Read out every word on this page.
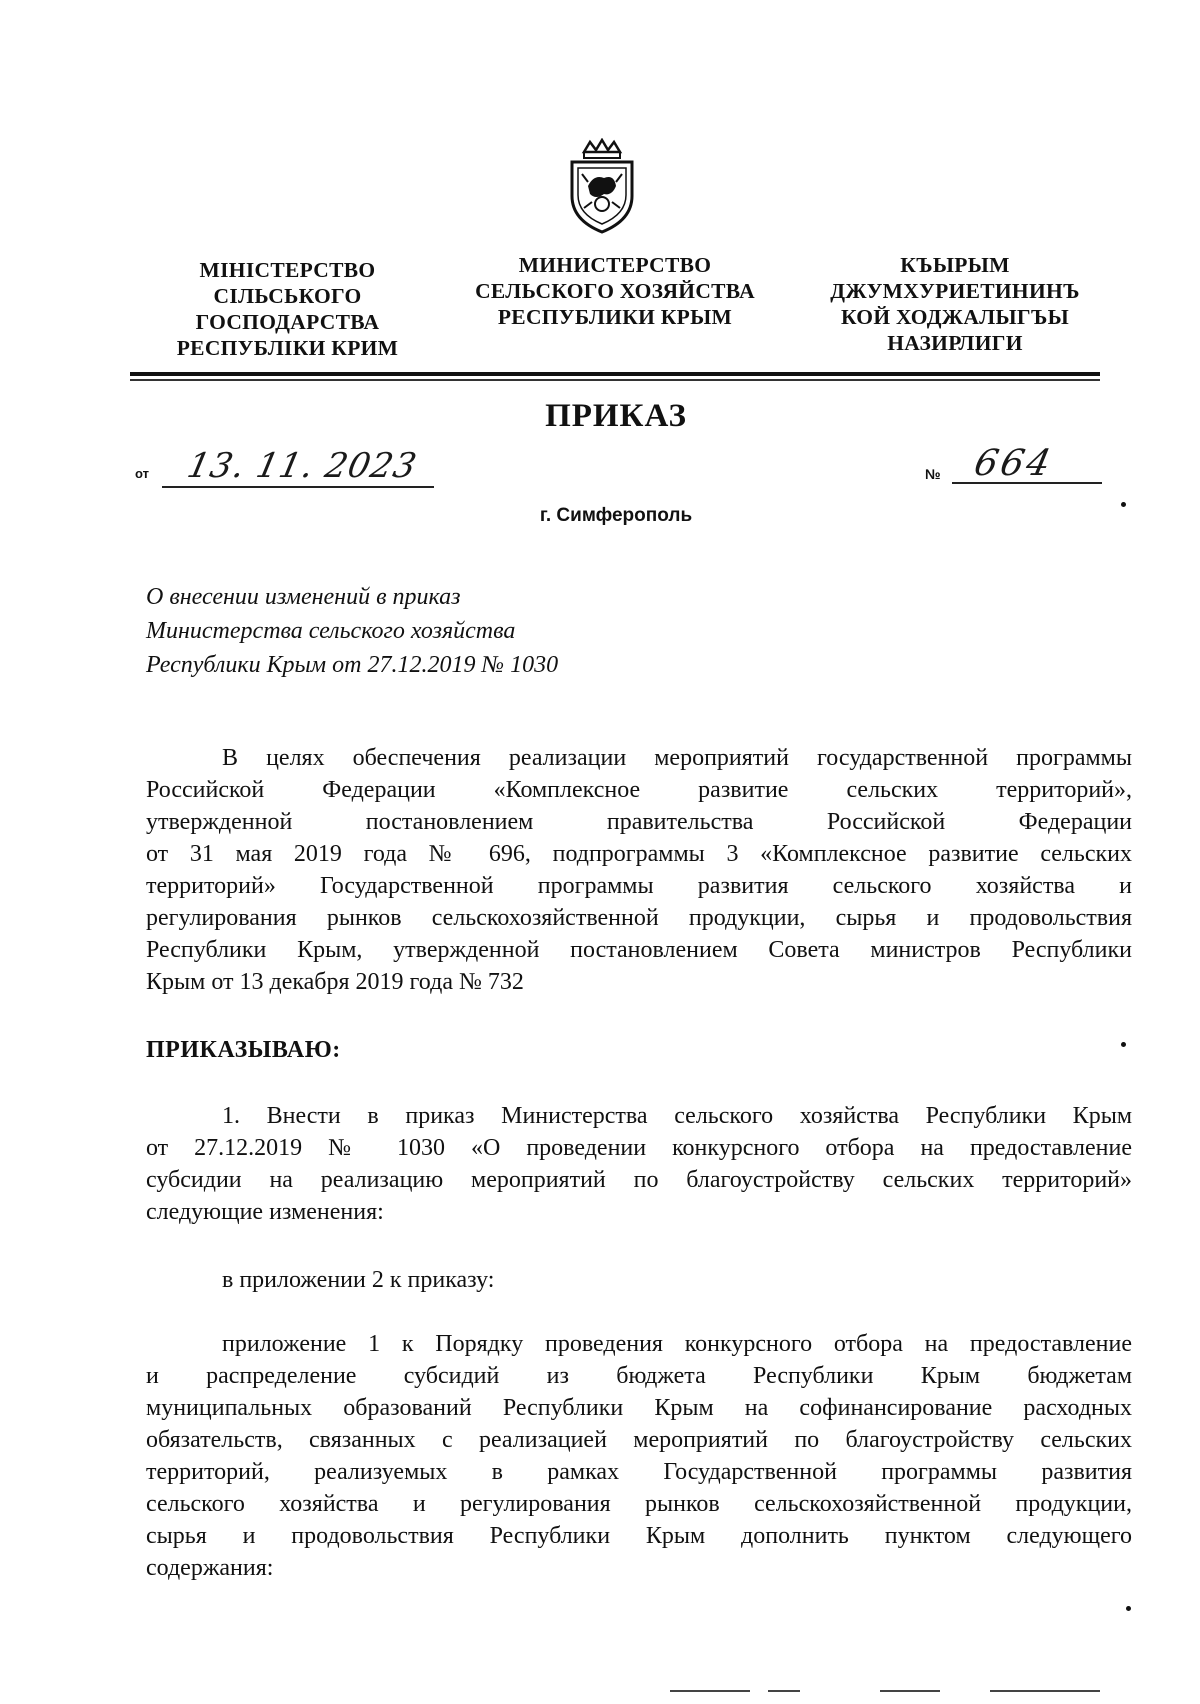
МІНІСТЕРСТВО
СІЛЬСЬКОГО
ГОСПОДАРСТВА
РЕСПУБЛІКИ КРИМ
МИНИСТЕРСТВО
СЕЛЬСКОГО ХОЗЯЙСТВА
РЕСПУБЛИКИ КРЫМ
КЪЫРЫМ
ДЖУМХУРИЕТИНИНЪ
КОЙ ХОДЖАЛЫГЪЫ
НАЗИРЛИГИ
ПРИКАЗ
от 13. 11. 2023	№ 664
г. Симферополь
О внесении изменений в приказ
Министерства сельского хозяйства
Республики Крым от 27.12.2019 № 1030
В целях обеспечения реализации мероприятий государственной программы
Российской Федерации «Комплексное развитие сельских территорий»,
утвержденной постановлением правительства Российской Федерации
от 31 мая 2019 года № 696, подпрограммы 3 «Комплексное развитие сельских
территорий» Государственной программы развития сельского хозяйства и
регулирования рынков сельскохозяйственной продукции, сырья и продовольствия
Республики Крым, утвержденной постановлением Совета министров Республики
Крым от 13 декабря 2019 года № 732
ПРИКАЗЫВАЮ:
1. Внести в приказ Министерства сельского хозяйства Республики Крым
от 27.12.2019 № 1030 «О проведении конкурсного отбора на предоставление
субсидии на реализацию мероприятий по благоустройству сельских территорий»
следующие изменения:
в приложении 2 к приказу:
приложение 1 к Порядку проведения конкурсного отбора на предоставление
и распределение субсидий из бюджета Республики Крым бюджетам
муниципальных образований Республики Крым на софинансирование расходных
обязательств, связанных с реализацией мероприятий по благоустройству сельских
территорий, реализуемых в рамках Государственной программы развития
сельского хозяйства и регулирования рынков сельскохозяйственной продукции,
сырья и продовольствия Республики Крым дополнить пунктом следующего
содержания:
